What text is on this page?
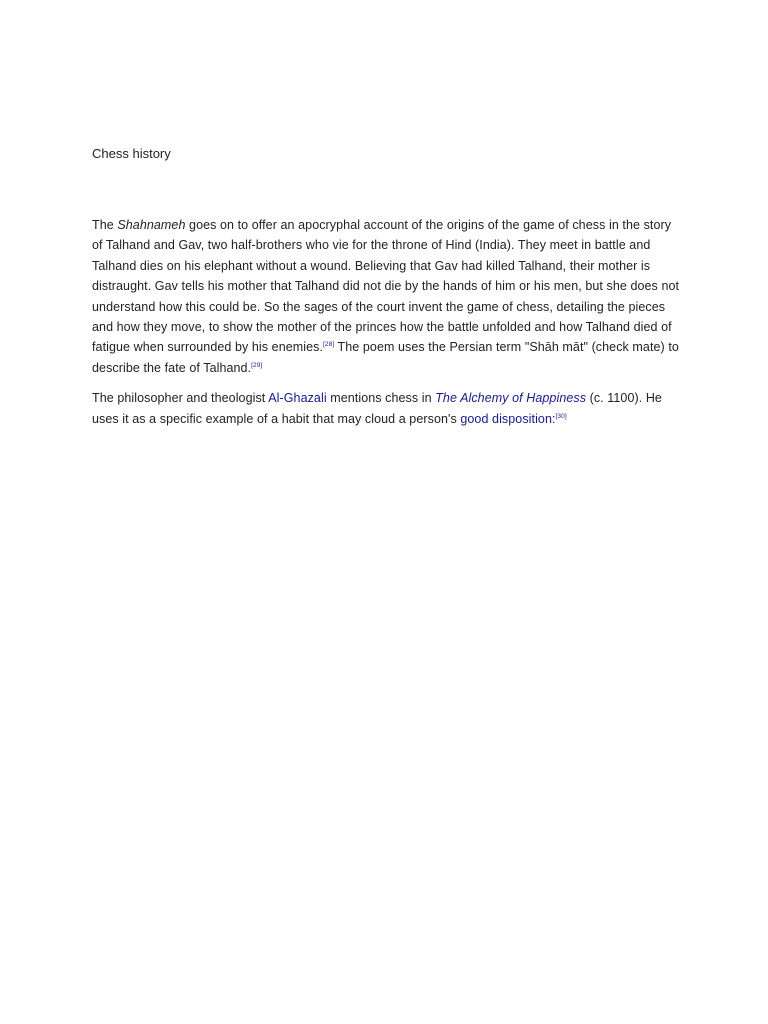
Chess history

The Shahnameh goes on to offer an apocryphal account of the origins of the game of chess in the story of Talhand and Gav, two half-brothers who vie for the throne of Hind (India). They meet in battle and Talhand dies on his elephant without a wound. Believing that Gav had killed Talhand, their mother is distraught. Gav tells his mother that Talhand did not die by the hands of him or his men, but she does not understand how this could be. So the sages of the court invent the game of chess, detailing the pieces and how they move, to show the mother of the princes how the battle unfolded and how Talhand died of fatigue when surrounded by his enemies.[28] The poem uses the Persian term "Shāh māt" (check mate) to describe the fate of Talhand.[29]

The philosopher and theologist Al-Ghazali mentions chess in The Alchemy of Happiness (c. 1100). He uses it as a specific example of a habit that may cloud a person's good disposition:[30]
